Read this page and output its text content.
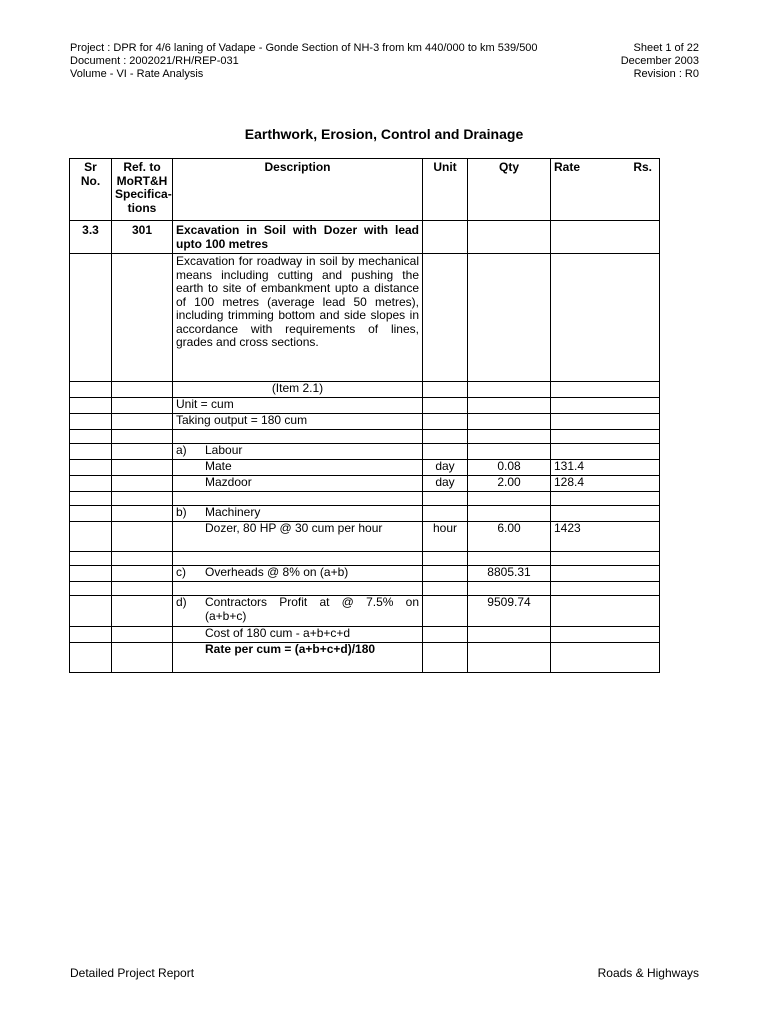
Project : DPR for 4/6 laning of Vadape - Gonde Section of NH-3 from km 440/000 to km 539/500	Sheet 1 of 22
Document : 2002021/RH/REP-031	December 2003
Volume - VI - Rate Analysis	Revision : R0
Earthwork, Erosion, Control and Drainage
Sr No.	Ref. to MoRT&H Specifica-tions	Description	Unit	Qty	Rate Rs.

3.3	301	Excavation in Soil with Dozer with lead upto 100 metres			
		Excavation for roadway in soil by mechanical means including cutting and pushing the earth to site of embankment upto a distance of 100 metres (average lead 50 metres), including trimming bottom and side slopes in accordance with requirements of lines, grades and cross sections.			
		(Item 2.1)			
		Unit = cum			
		Taking output = 180 cum			

		a) Labour			

		Mate	day	0.08	131.4
		Mazdoor	day	2.00	128.4

		b) Machinery			

		Dozer, 80 HP @ 30 cum per hour	hour	6.00	1423

		c) Overheads @ 8% on (a+b)		8805.31	

		d) Contractors Profit at @ 7.5% on (a+b+c)		9509.74	
		Cost of 180 cum - a+b+c+d			
		Rate per cum = (a+b+c+d)/180			
Detailed Project Report	Roads & Highways
